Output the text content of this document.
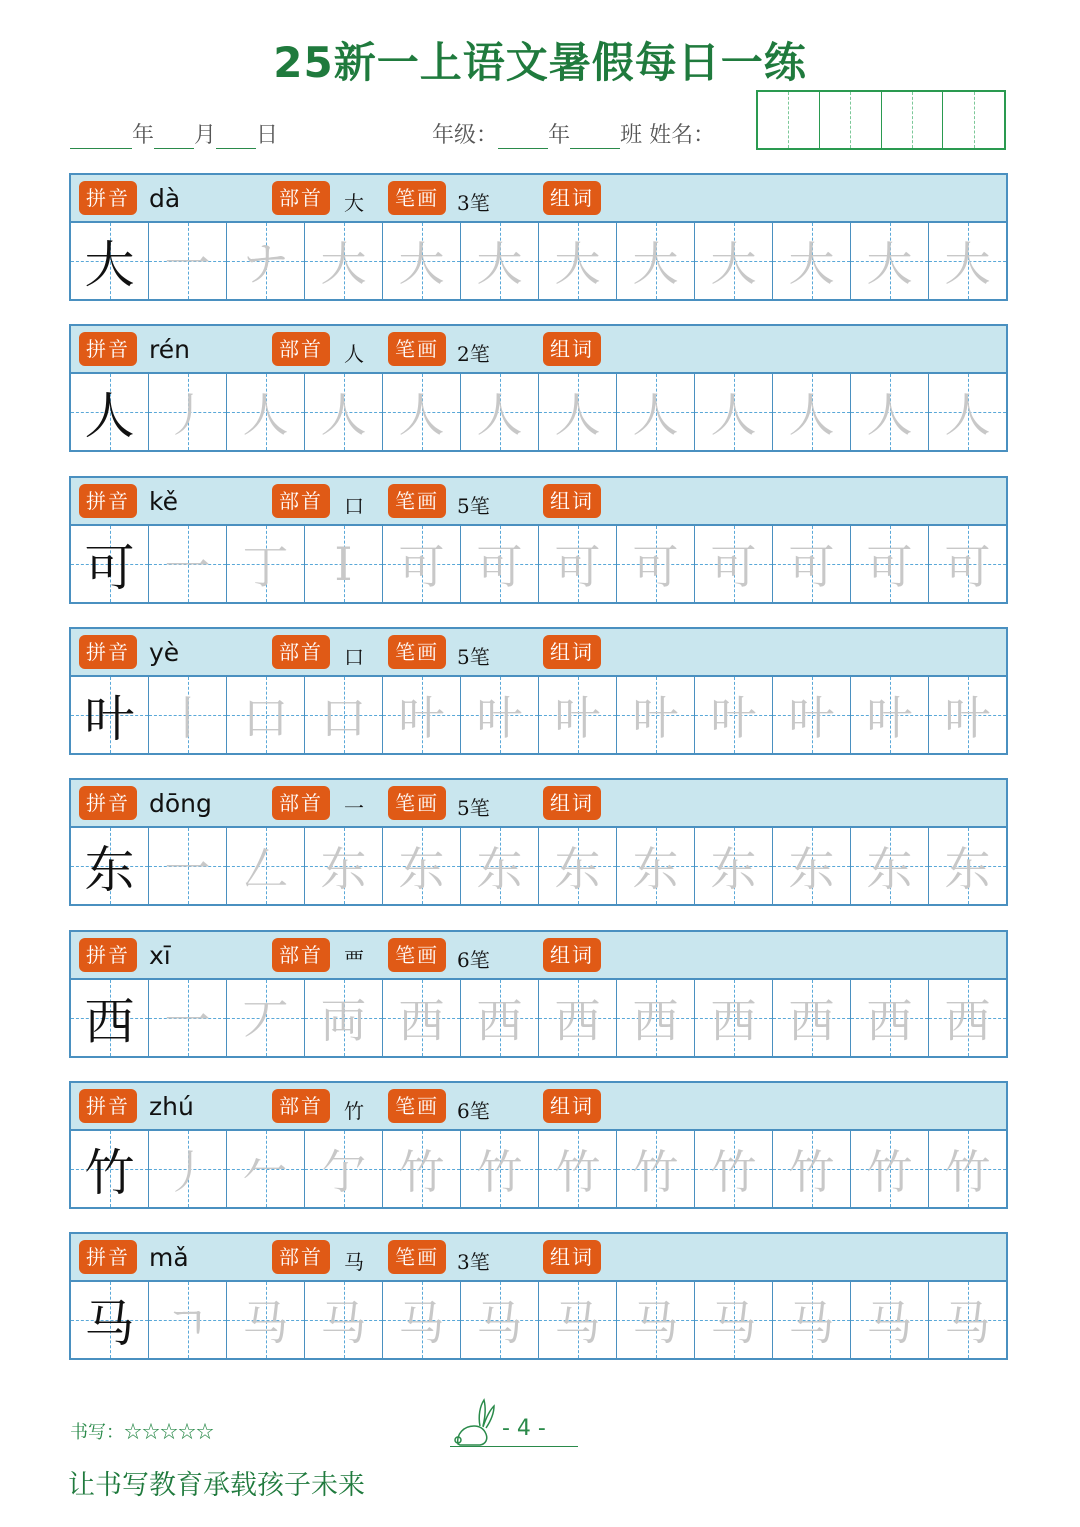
25新一上语文暑假每日一练
年 月 日	年级： 年 班 姓名：
拼音 dà	部首	大	笔画 3笔	组词
大 一 ナ 大 大 大 大 大 大 大 大 大
拼音 rén	部首	人	笔画 2笔	组词
人 丿 人 人 人 人 人 人 人 人 人 人
拼音 kě	部首	口	笔画 5笔	组词
可 一 丁 Ⅰ 可 可 可 可 可 可 可 可
拼音 yè	部首	口	笔画 5笔	组词
叶 丨 口 口 叶 叶 叶 叶 叶 叶 叶 叶
拼音 dōng	部首	一	笔画 5笔	组词
东 一 𠃋 东 东 东 东 东 东 东 东 东
拼音 xī	部首	覀	笔画 6笔	组词
西 一 丆 両 西 西 西 西 西 西 西 西
拼音 zhú	部首	竹	笔画 6笔	组词
竹 丿 𠂉 亇 竹 竹 竹 竹 竹 竹 竹 竹
拼音 mǎ	部首	马	笔画 3笔	组词
马 ㄱ 马 马 马 马 马 马 马 马 马 马
书写：☆☆☆☆☆	- 4 -
让书写教育承载孩子未来
